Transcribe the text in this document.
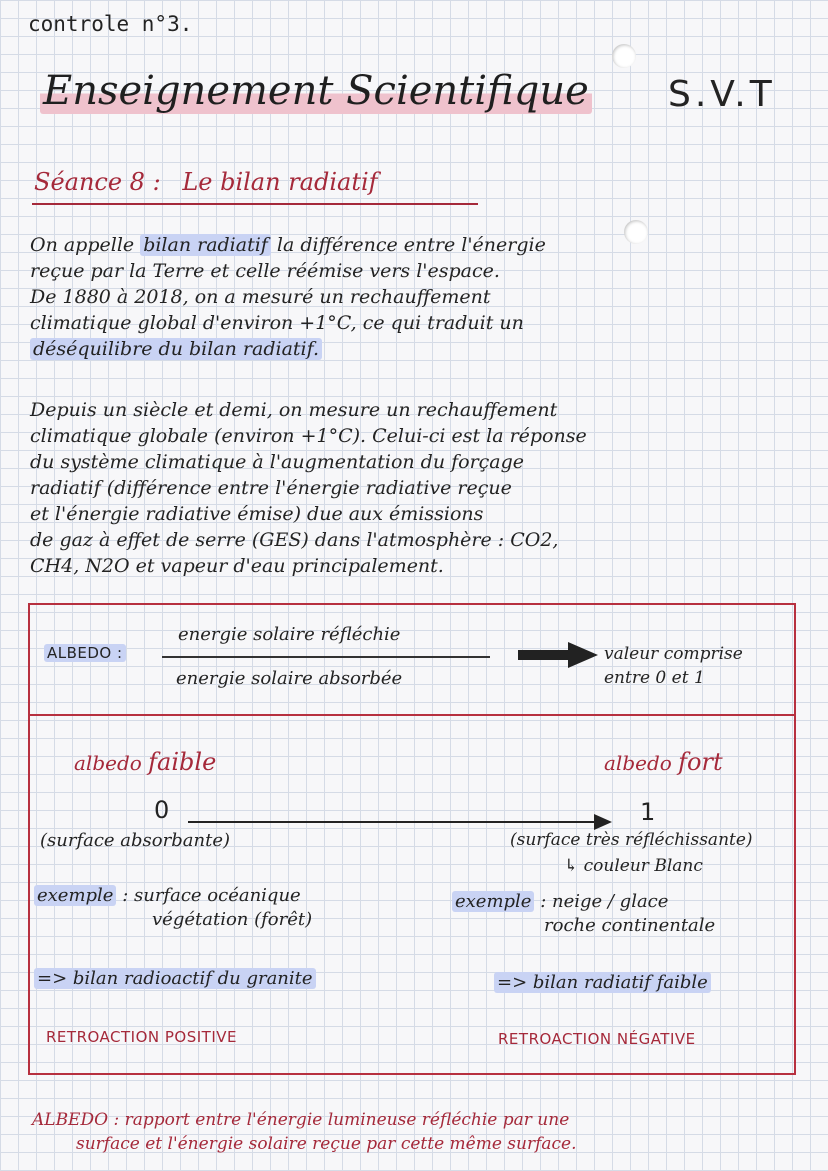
controle n°3.
Enseignement Scientifique S.V.T
Séance 8 : Le bilan radiatif

On appelle bilan radiatif la différence entre l'énergie

reçue par la Terre et celle réémise vers l'espace.

De 1880 à 2018, on a mesuré un rechauffement

climatique global d'environ +1°C, ce qui traduit un

déséquilibre du bilan radiatif.

Depuis un siècle et demi, on mesure un rechauffement

climatique globale (environ +1°C). Celui-ci est la réponse

du système climatique à l'augmentation du forçage

radiatif (différence entre l'énergie radiative reçue

et l'énergie radiative émise) due aux émissions

de gaz à effet de serre (GES) dans l'atmosphère : CO2,

CH4, N2O et vapeur d'eau principalement.

ALBEDO :
energie solaire réfléchie
energie solaire absorbée
valeur comprise
entre 0 et 1
albedo faible	albedo fort
0	1
(surface absorbante)	(surface très réfléchissante)
↳ couleur Blanc
exemple : surface océanique
végétation (forêt)
exemple : neige / glace
roche continentale
=> bilan radioactif du granite	=> bilan radiatif faible
RETROACTION POSITIVE	RETROACTION NÉGATIVE
ALBEDO : rapport entre l'énergie lumineuse réfléchie par une
surface et l'énergie solaire reçue par cette même surface.
